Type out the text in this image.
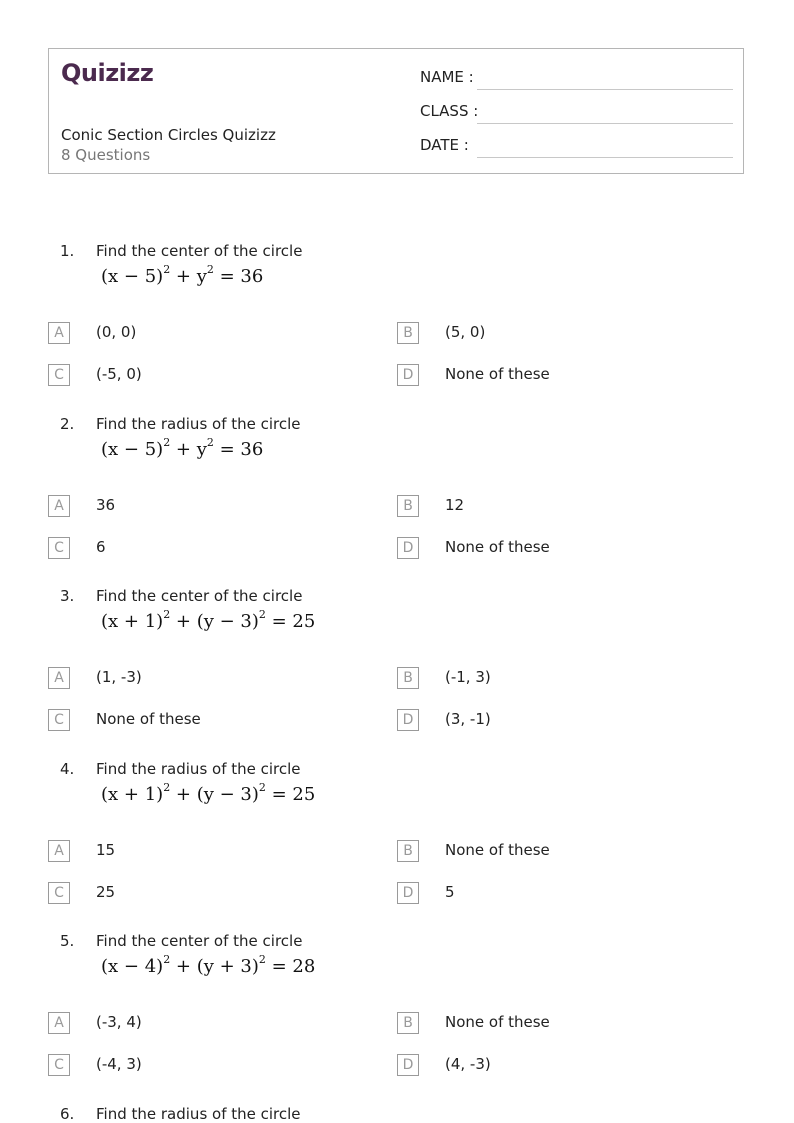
Quizizz
Conic Section Circles Quizizz
8 Questions
NAME :
CLASS :
DATE :
1. Find the center of the circle
$(x - 5)^2 + y^2 = 36$
A	(0, 0)	B	(5, 0)
C	(-5, 0)	D	None of these
2. Find the radius of the circle
$(x - 5)^2 + y^2 = 36$
A	36	B	12
C	6	D	None of these
3. Find the center of the circle
$(x + 1)^2 + (y - 3)^2 = 25$
A	(1, -3)	B	(-1, 3)
C	None of these	D	(3, -1)
4. Find the radius of the circle
$(x + 1)^2 + (y - 3)^2 = 25$
A	15	B	None of these
C	25	D	5
5. Find the center of the circle
$(x - 4)^2 + (y + 3)^2 = 28$
A	(-3, 4)	B	None of these
C	(-4, 3)	D	(4, -3)
6. Find the radius of the circle
